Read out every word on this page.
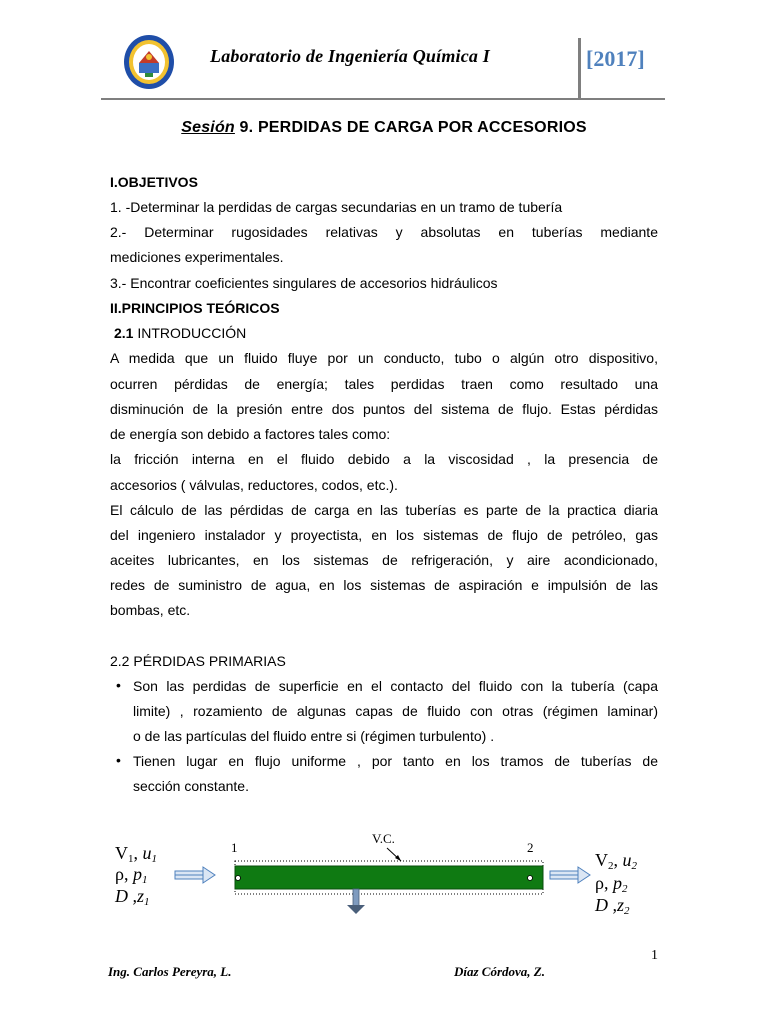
Laboratorio de Ingeniería Química I	[2017]
Sesión 9. PERDIDAS DE CARGA POR ACCESORIOS
I.OBJETIVOS
1. -Determinar la perdidas de cargas secundarias en un tramo de tubería
2.- Determinar rugosidades relativas y absolutas en tuberías mediante
mediciones experimentales.
3.- Encontrar coeficientes singulares de accesorios hidráulicos
II.PRINCIPIOS TEÓRICOS
2.1 INTRODUCCIÓN
A medida que un fluido fluye por un conducto, tubo o algún otro dispositivo,
ocurren pérdidas de energía; tales perdidas traen como resultado una
disminución de la presión entre dos puntos del sistema de flujo. Estas pérdidas
de energía son debido a factores tales como:
la fricción interna en el fluido debido a la viscosidad , la presencia de
accesorios ( válvulas, reductores, codos, etc.).
El cálculo de las pérdidas de carga en las tuberías es parte de la practica diaria
del ingeniero instalador y proyectista, en los sistemas de flujo de petróleo, gas
aceites lubricantes, en los sistemas de refrigeración, y aire acondicionado,
redes de suministro de agua, en los sistemas de aspiración e impulsión de las
bombas, etc.
2.2 PÉRDIDAS PRIMARIAS
• Son las perdidas de superficie en el contacto del fluido con la tubería (capa
limite) , rozamiento de algunas capas de fluido con otras (régimen laminar)
o de las partículas del fluido entre si (régimen turbulento) .
• Tienen lugar en flujo uniforme , por tanto en los tramos de tuberías de
sección constante.
V1, u1
ρ, p1
D ,z1
1	2
V.C.
V2, u2
ρ, p2
D ,z2
1
Ing. Carlos Pereyra, L.	Díaz Córdova, Z.
